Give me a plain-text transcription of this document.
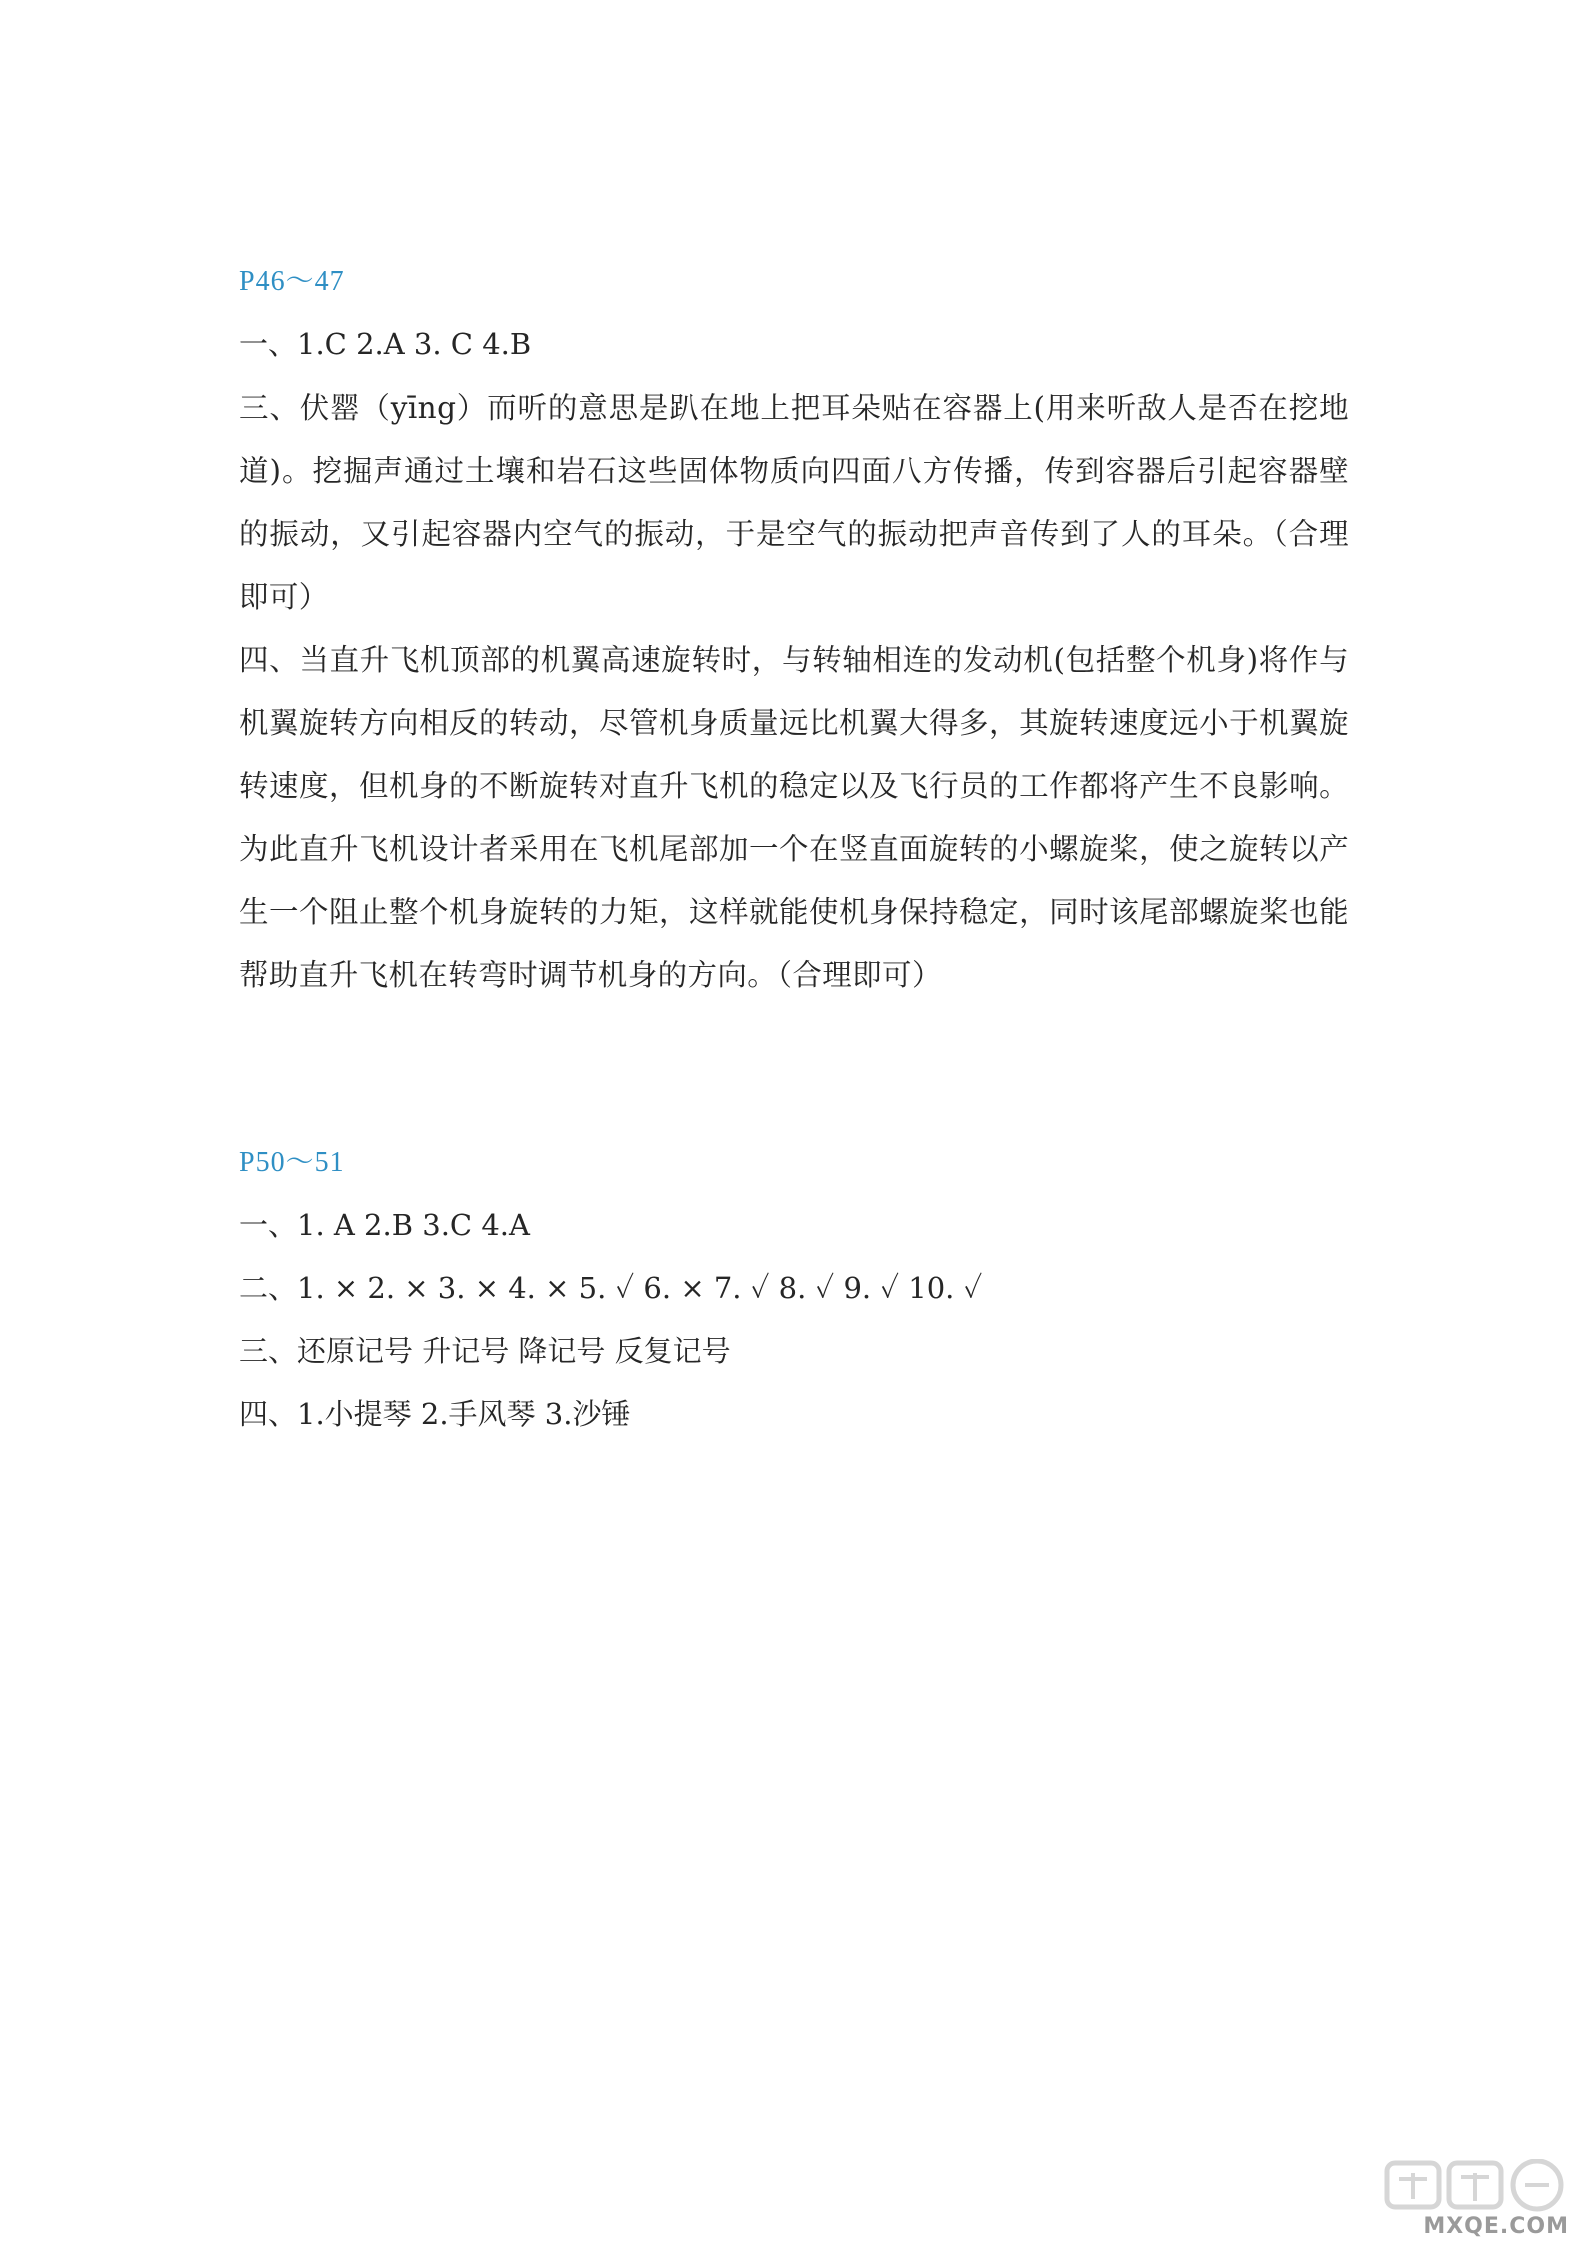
P46～47
一、1.C 2.A 3. C 4.B
三、伏罂（yīng）而听的意思是趴在地上把耳朵贴在容器上(用来听敌人是否在挖地道)。挖掘声通过土壤和岩石这些固体物质向四面八方传播，传到容器后引起容器壁的振动，又引起容器内空气的振动，于是空气的振动把声音传到了人的耳朵。（合理即可）
四、当直升飞机顶部的机翼高速旋转时，与转轴相连的发动机(包括整个机身)将作与机翼旋转方向相反的转动，尽管机身质量远比机翼大得多，其旋转速度远小于机翼旋转速度，但机身的不断旋转对直升飞机的稳定以及飞行员的工作都将产生不良影响。为此直升飞机设计者采用在飞机尾部加一个在竖直面旋转的小螺旋桨，使之旋转以产生一个阻止整个机身旋转的力矩，这样就能使机身保持稳定，同时该尾部螺旋桨也能帮助直升飞机在转弯时调节机身的方向。（合理即可）
P50～51
一、1. A 2.B 3.C 4.A
二、1. × 2. × 3. × 4. × 5. ✓ 6. × 7. ✓ 8. ✓ 9. ✓ 10. ✓
三、还原记号 升记号 降记号 反复记号
四、1.小提琴 2.手风琴 3.沙锤
MXQE.COM
